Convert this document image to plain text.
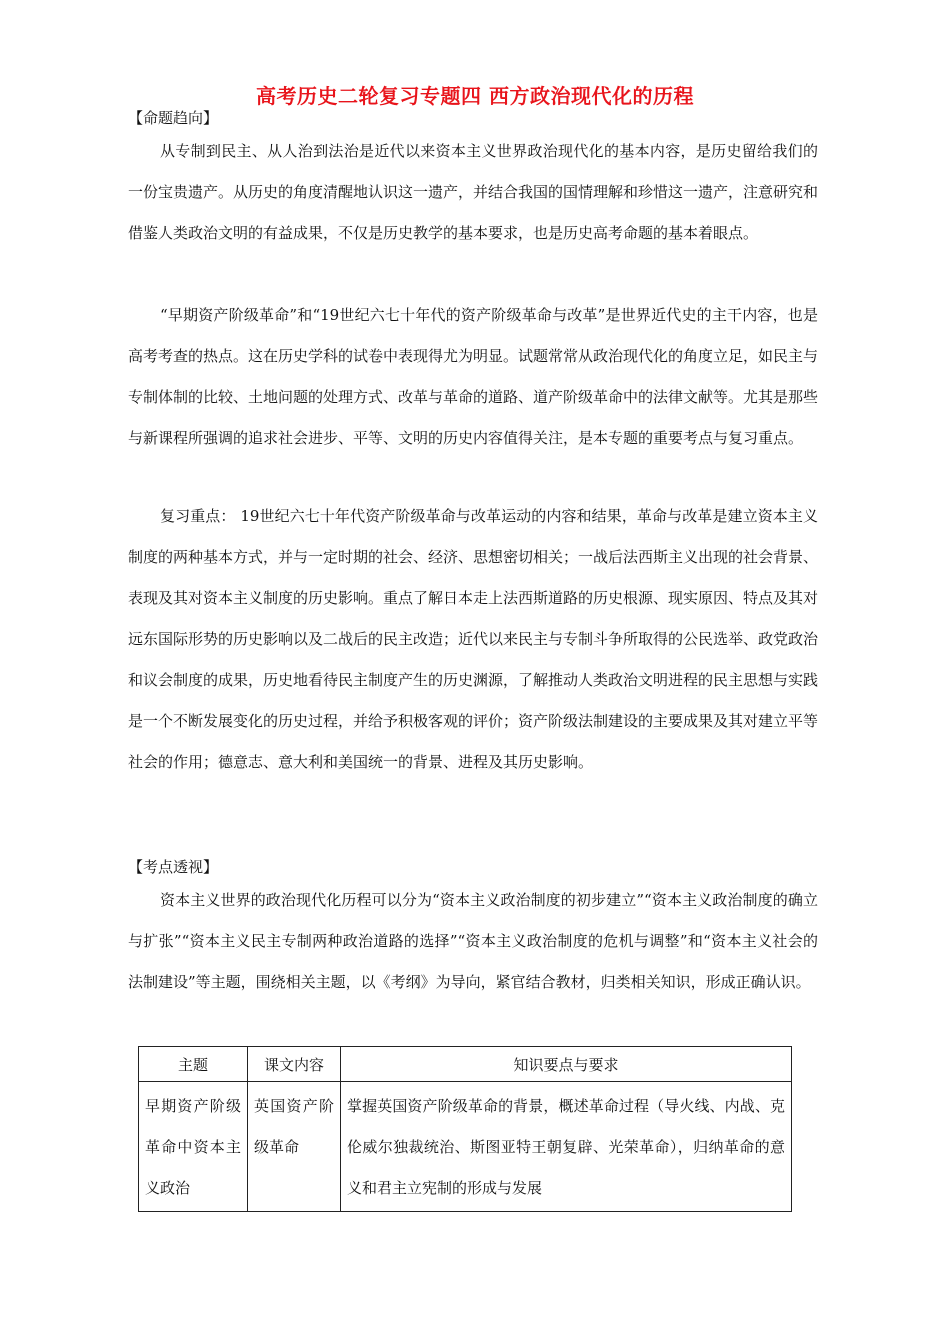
高考历史二轮复习专题四 西方政治现代化的历程
【命题趋向】

从专制到民主、从人治到法治是近代以来资本主义世界政治现代化的基本内容，是历史留给我们的一份宝贵遗产。从历史的角度清醒地认识这一遗产，并结合我国的国情理解和珍惜这一遗产，注意研究和借鉴人类政治文明的有益成果，不仅是历史教学的基本要求，也是历史高考命题的基本着眼点。

“早期资产阶级革命”和“19世纪六七十年代的资产阶级革命与改革”是世界近代史的主干内容，也是高考考查的热点。这在历史学科的试卷中表现得尤为明显。试题常常从政治现代化的角度立足，如民主与专制体制的比较、土地问题的处理方式、改革与革命的道路、道产阶级革命中的法律文献等。尤其是那些与新课程所强调的追求社会进步、平等、文明的历史内容值得关注，是本专题的重要考点与复习重点。

复习重点： 19世纪六七十年代资产阶级革命与改革运动的内容和结果，革命与改革是建立资本主义制度的两种基本方式，并与一定时期的社会、经济、思想密切相关；一战后法西斯主义出现的社会背景、表现及其对资本主义制度的历史影响。重点了解日本走上法西斯道路的历史根源、现实原因、特点及其对远东国际形势的历史影响以及二战后的民主改造；近代以来民主与专制斗争所取得的公民选举、政党政治和议会制度的成果，历史地看待民主制度产生的历史渊源，了解推动人类政治文明进程的民主思想与实践是一个不断发展变化的历史过程，并给予积极客观的评价；资产阶级法制建设的主要成果及其对建立平等社会的作用；德意志、意大利和美国统一的背景、进程及其历史影响。

【考点透视】

资本主义世界的政治现代化历程可以分为“资本主义政治制度的初步建立”“资本主义政治制度的确立与扩张”“资本主义民主专制两种政治道路的选择”“资本主义政治制度的危机与调整”和“资本主义社会的法制建设”等主题，围绕相关主题，以《考纲》为导向，紧官结合教材，归类相关知识，形成正确认识。

主题	课文内容	知识要点与要求
早期资产阶级革命中资本主义政治	英国资产阶级革命	掌握英国资产阶级革命的背景，概述革命过程（导火线、内战、克伦威尔独裁统治、斯图亚特王朝复辟、光荣革命），归纳革命的意义和君主立宪制的形成与发展
